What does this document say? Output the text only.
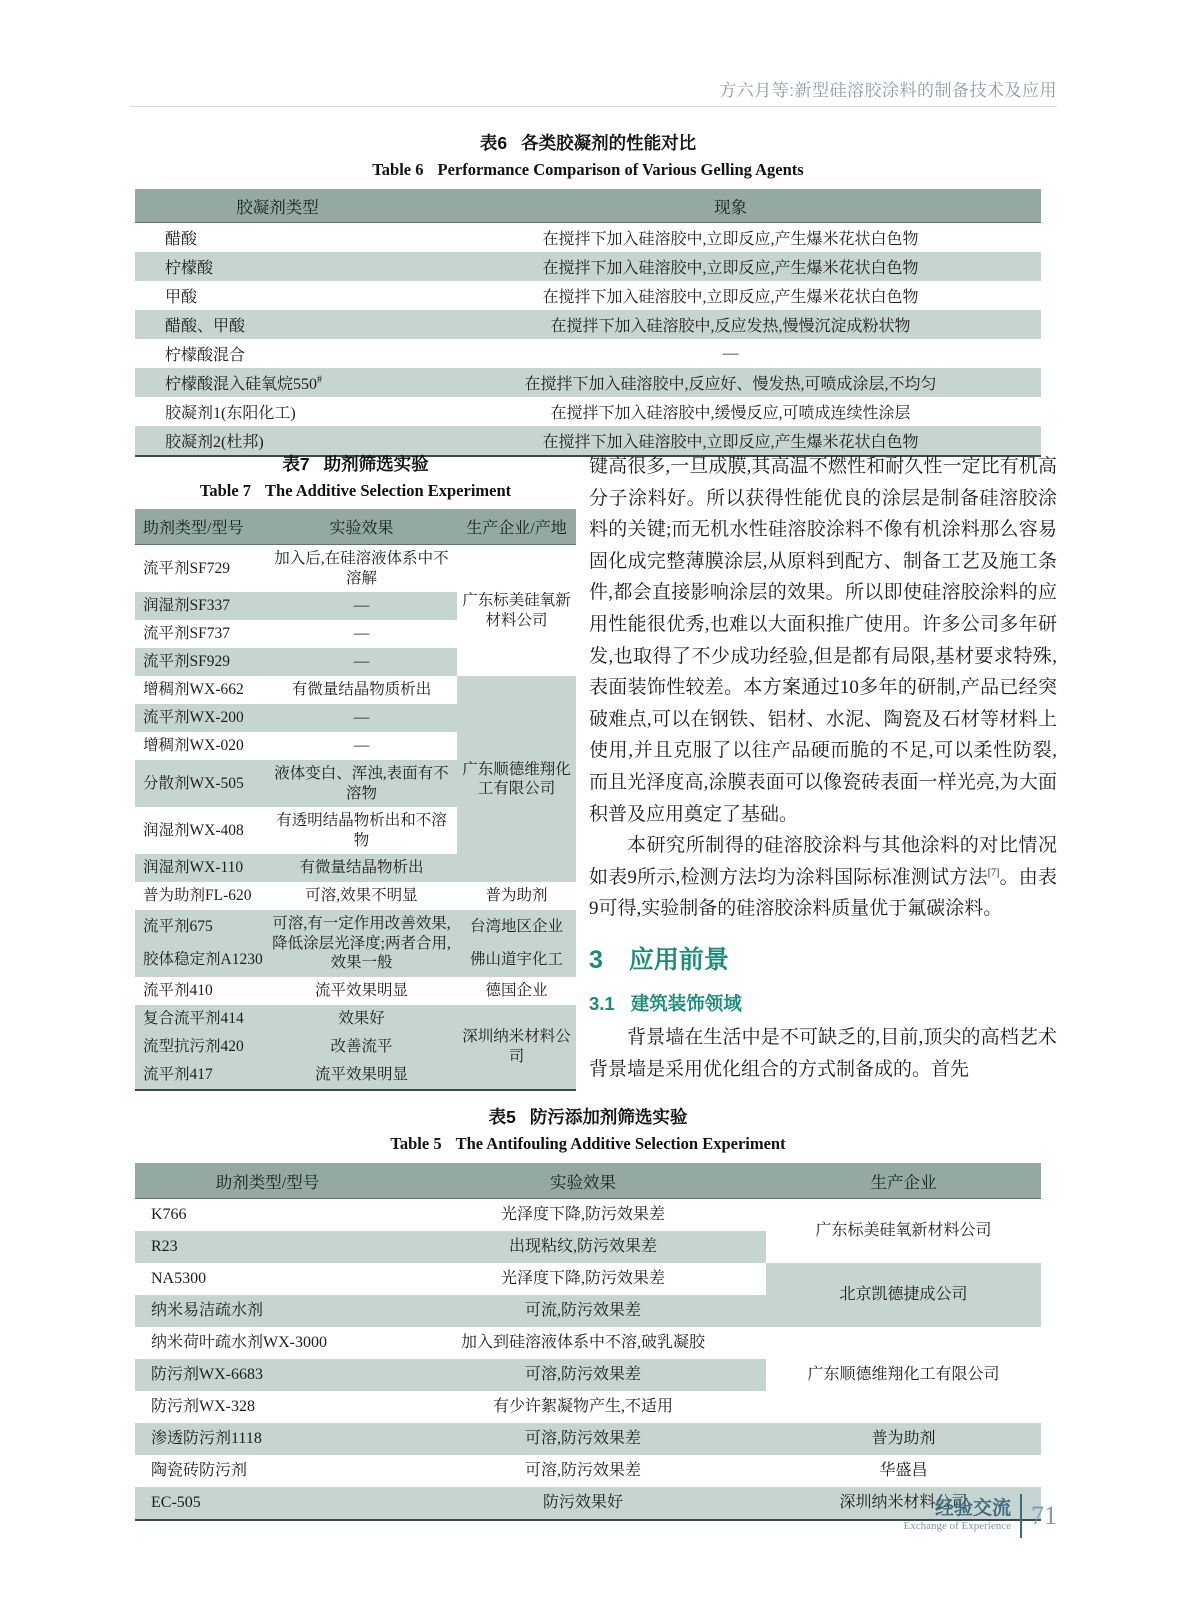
方六月等:新型硅溶胶涂料的制备技术及应用
表6 各类胶凝剂的性能对比
Table 6 Performance Comparison of Various Gelling Agents
胶凝剂类型	现象
醋酸	在搅拌下加入硅溶胶中,立即反应,产生爆米花状白色物
柠檬酸	在搅拌下加入硅溶胶中,立即反应,产生爆米花状白色物
甲酸	在搅拌下加入硅溶胶中,立即反应,产生爆米花状白色物
醋酸、甲酸	在搅拌下加入硅溶胶中,反应发热,慢慢沉淀成粉状物
柠檬酸混合	—
柠檬酸混入硅氧烷550#	在搅拌下加入硅溶胶中,反应好、慢发热,可喷成涂层,不均匀
胶凝剂1(东阳化工)	在搅拌下加入硅溶胶中,缓慢反应,可喷成连续性涂层
胶凝剂2(杜邦)	在搅拌下加入硅溶胶中,立即反应,产生爆米花状白色物
表7 助剂筛选实验
Table 7 The Additive Selection Experiment
助剂类型/型号	实验效果	生产企业/产地
流平剂SF729	加入后,在硅溶液体系中不溶解	广东标美硅氧新材料公司
润湿剂SF337	—	
流平剂SF737	—	
流平剂SF929	—	
增稠剂WX-662	有微量结晶物质析出	广东顺德维翔化工有限公司
流平剂WX-200	—	
增稠剂WX-020	—	
分散剂WX-505	液体变白、浑浊,表面有不溶物	
润湿剂WX-408	有透明结晶物析出和不溶物	
润湿剂WX-110	有微量结晶物析出	
普为助剂FL-620	可溶,效果不明显	普为助剂
流平剂675	可溶,有一定作用改善效果,降低涂层光泽度;两者合用,效果一般	台湾地区企业
胶体稳定剂A1230		佛山道宇化工
流平剂410	流平效果明显	德国企业
复合流平剂414	效果好	深圳纳米材料公司
流型抗污剂420	改善流平	
流平剂417	流平效果明显	

键高很多,一旦成膜,其高温不燃性和耐久性一定比有机高分子涂料好。所以获得性能优良的涂层是制备硅溶胶涂料的关键;而无机水性硅溶胶涂料不像有机涂料那么容易固化成完整薄膜涂层,从原料到配方、制备工艺及施工条件,都会直接影响涂层的效果。所以即使硅溶胶涂料的应用性能很优秀,也难以大面积推广使用。许多公司多年研发,也取得了不少成功经验,但是都有局限,基材要求特殊,表面装饰性较差。本方案通过10多年的研制,产品已经突破难点,可以在钢铁、铝材、水泥、陶瓷及石材等材料上使用,并且克服了以往产品硬而脆的不足,可以柔性防裂,而且光泽度高,涂膜表面可以像瓷砖表面一样光亮,为大面积普及应用奠定了基础。

本研究所制得的硅溶胶涂料与其他涂料的对比情况如表9所示,检测方法均为涂料国际标准测试方法[7]。由表9可得,实验制备的硅溶胶涂料质量优于氟碳涂料。

3 应用前景
3.1 建筑装饰领域

背景墙在生活中是不可缺乏的,目前,顶尖的高档艺术背景墙是采用优化组合的方式制备成的。首先

表5 防污添加剂筛选实验
Table 5 The Antifouling Additive Selection Experiment
助剂类型/型号	实验效果	生产企业
K766	光泽度下降,防污效果差	广东标美硅氧新材料公司
R23	出现粘纹,防污效果差	
NA5300	光泽度下降,防污效果差	北京凯德捷成公司
纳米易洁疏水剂	可流,防污效果差	
纳米荷叶疏水剂WX-3000	加入到硅溶液体系中不溶,破乳凝胶	广东顺德维翔化工有限公司
防污剂WX-6683	可溶,防污效果差	
防污剂WX-328	有少许絮凝物产生,不适用	
渗透防污剂1118	可溶,防污效果差	普为助剂
陶瓷砖防污剂	可溶,防污效果差	华盛昌
EC-505	防污效果好	深圳纳米材料公司
经验交流
Exchange of Experience 71
